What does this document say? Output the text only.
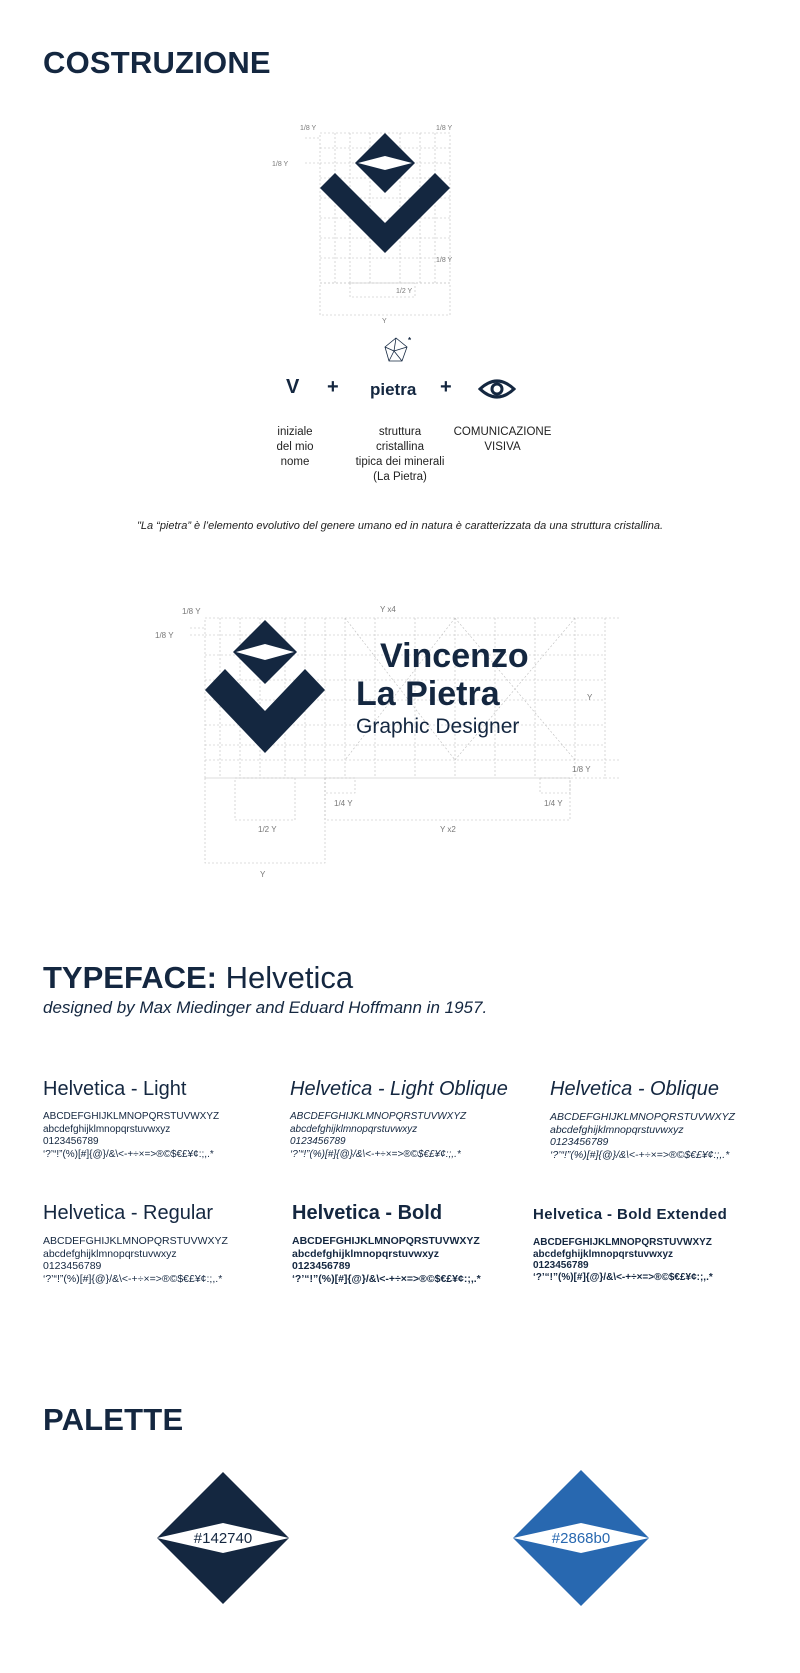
COSTRUZIONE
1/8 Y	1/8 Y
1/8 Y
1/8 Y
1/2 Y
Y
*
V + pietra +
iniziale
del mio
nome
struttura
cristallina
tipica dei minerali
(La Pietra)
COMUNICAZIONE
VISIVA
"La “pietra” è l’elemento evolutivo del genere umano ed in natura è caratterizzata da una struttura cristallina.
Vincenzo
La Pietra
Graphic Designer
Y x4
1/8 Y
1/8 Y
Y
1/8 Y
1/4 Y	1/4 Y
1/2 Y	Y x2
Y
TYPEFACE: Helvetica
designed by Max Miedinger and Eduard Hoffmann in 1957.
Helvetica - Light
ABCDEFGHIJKLMNOPQRSTUVWXYZ
abcdefghijklmnopqrstuvwxyz
0123456789
‘?’“!”(%)[#]{@}/&\<-+÷×=>®©$€£¥¢:;,.*
Helvetica - Light Oblique
ABCDEFGHIJKLMNOPQRSTUVWXYZ
abcdefghijklmnopqrstuvwxyz
0123456789
‘?’“!”(%)[#]{@}/&\<-+÷×=>®©$€£¥¢:;,.*
Helvetica - Oblique
ABCDEFGHIJKLMNOPQRSTUVWXYZ
abcdefghijklmnopqrstuvwxyz
0123456789
‘?’“!”(%)[#]{@}/&\<-+÷×=>®©$€£¥¢:;,.*
Helvetica - Regular
ABCDEFGHIJKLMNOPQRSTUVWXYZ
abcdefghijklmnopqrstuvwxyz
0123456789
‘?’“!”(%)[#]{@}/&\<-+÷×=>®©$€£¥¢:;,.*
Helvetica - Bold
ABCDEFGHIJKLMNOPQRSTUVWXYZ
abcdefghijklmnopqrstuvwxyz
0123456789
‘?’“!”(%)[#]{@}/&\<-+÷×=>®©$€£¥¢:;,.*
Helvetica - Bold Extended
ABCDEFGHIJKLMNOPQRSTUVWXYZ
abcdefghijklmnopqrstuvwxyz
0123456789
‘?’“!”(%)[#]{@}/&\<-+÷×=>®©$€£¥¢:;,.*
PALETTE
#142740	#2868b0
